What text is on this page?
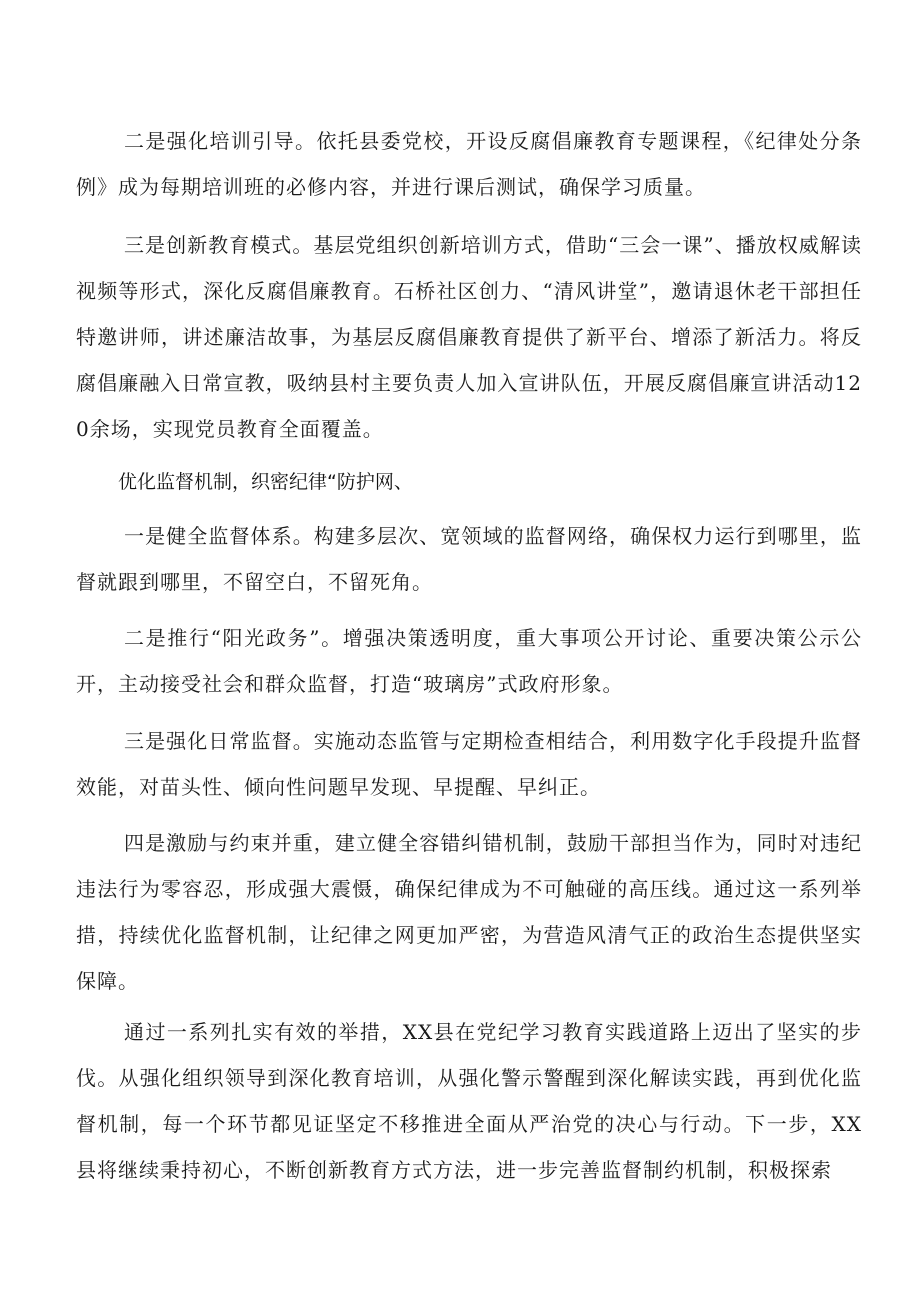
二是强化培训引导。依托县委党校，开设反腐倡廉教育专题课程，《纪律处分条例》成为每期培训班的必修内容，并进行课后测试，确保学习质量。

三是创新教育模式。基层党组织创新培训方式，借助“三会一课”、播放权威解读视频等形式，深化反腐倡廉教育。石桥社区创力、“清风讲堂”，邀请退休老干部担任特邀讲师，讲述廉洁故事，为基层反腐倡廉教育提供了新平台、增添了新活力。将反腐倡廉融入日常宣教，吸纳县村主要负责人加入宣讲队伍，开展反腐倡廉宣讲活动120余场，实现党员教育全面覆盖。

优化监督机制，织密纪律“防护网、

一是健全监督体系。构建多层次、宽领域的监督网络，确保权力运行到哪里，监督就跟到哪里，不留空白，不留死角。

二是推行“阳光政务”。增强决策透明度，重大事项公开讨论、重要决策公示公开，主动接受社会和群众监督，打造“玻璃房”式政府形象。

三是强化日常监督。实施动态监管与定期检查相结合，利用数字化手段提升监督效能，对苗头性、倾向性问题早发现、早提醒、早纠正。

四是激励与约束并重，建立健全容错纠错机制，鼓励干部担当作为，同时对违纪违法行为零容忍，形成强大震慑，确保纪律成为不可触碰的高压线。通过这一系列举措，持续优化监督机制，让纪律之网更加严密，为营造风清气正的政治生态提供坚实保障。

通过一系列扎实有效的举措，XX县在党纪学习教育实践道路上迈出了坚实的步伐。从强化组织领导到深化教育培训，从强化警示警醒到深化解读实践，再到优化监督机制，每一个环节都见证坚定不移推进全面从严治党的决心与行动。下一步，XX县将继续秉持初心，不断创新教育方式方法，进一步完善监督制约机制，积极探索
